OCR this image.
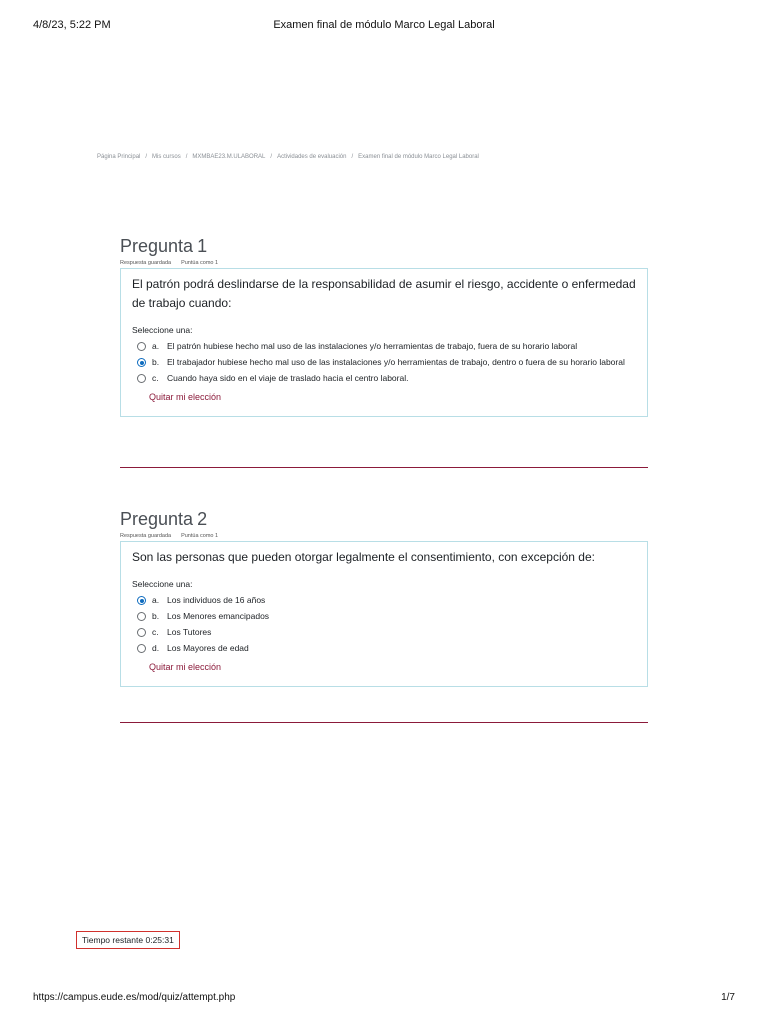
4/8/23, 5:22 PM	Examen final de módulo Marco Legal Laboral
Página Principal / Mis cursos / MXMBAE23.M.ULABORAL / Actividades de evaluación / Examen final de módulo Marco Legal Laboral
Pregunta 1
Respuesta guardada Puntúa como 1

El patrón podrá deslindarse de la responsabilidad de asumir el riesgo, accidente o enfermedad de trabajo cuando:

Seleccione una:
a. El patrón hubiese hecho mal uso de las instalaciones y/o herramientas de trabajo, fuera de su horario laboral
b. El trabajador hubiese hecho mal uso de las instalaciones y/o herramientas de trabajo, dentro o fuera de su horario laboral
c. Cuando haya sido en el viaje de traslado hacia el centro laboral.
Quitar mi elección
Pregunta 2
Respuesta guardada Puntúa como 1

Son las personas que pueden otorgar legalmente el consentimiento, con excepción de:

Seleccione una:
a. Los individuos de 16 años
b. Los Menores emancipados
c. Los Tutores
d. Los Mayores de edad
Quitar mi elección
Tiempo restante 0:25:31
https://campus.eude.es/mod/quiz/attempt.php	1/7
